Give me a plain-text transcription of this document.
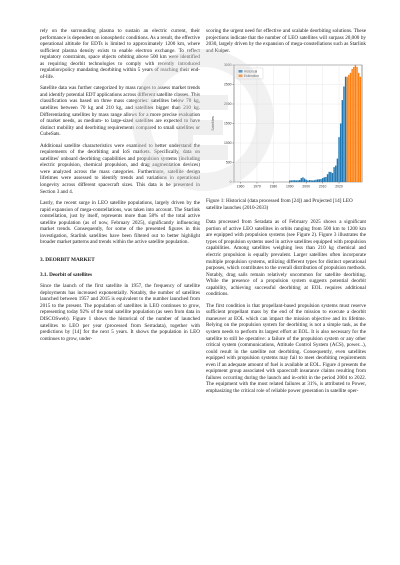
rely on the surrounding plasma to sustain an electric current, their performance is dependent on ionospheric conditions. As a result, the effective operational altitude for EDTs is limited to approximately 1200 km, where sufficient plasma density exists to enable electron exchange. To reflect regulatory constraints, space objects orbiting above 500 km were identified as requiring deorbit technologies to comply with recently introduced regulation/policy mandating deorbiting within 5 years of reaching their end-of-life.

Satellite data was further categorized by mass ranges to assess market trends and identify potential EDT applications across different satellite classes. This classification was based on three mass categories: satellites below 70 kg, satellites between 70 kg and 210 kg, and satellites bigger than 210 kg. Differentiating satellites by mass range allows for a more precise evaluation of market needs, as medium- to large-sized satellites are expected to have distinct mobility and deorbiting requirements compared to small satellites or CubeSats.

Additional satellite characteristics were examined to better understand the requirements of the deorbiting and IoS markets. Specifically, data on satellites' onboard deorbiting capabilities and propulsion systems (including electric propulsion, chemical propulsion, and drag augmentation devices) were analyzed across the mass categories. Furthermore, satellite design lifetimes were assessed to identify trends and variations in operational longevity across different spacecraft sizes. This data is be presented in Section 3 and 4.

Lastly, the recent surge in LEO satellite populations, largely driven by the rapid expansion of mega-constellations, was taken into account. The Starlink constellation, just by itself, represents more than 58% of the total active satellite population (as of now, February 2025), significantly influencing market trends. Consequently, for some of the presented figures in this investigation, Starlink satellites have been filtered out to better highlight broader market patterns and trends within the active satellite population.

3. DEORBIT MARKET
3.1. Deorbit of satellites

Since the launch of the first satellite in 1957, the frequency of satellite deployments has increased exponentially. Notably, the number of satellites launched between 1957 and 2015 is equivalent to the number launched from 2015 to the present. The population of satellites in LEO continues to grow, representing today 92% of the total satellite population (as seen from data in DISCOSweb). Figure 1 shows the historical of the number of launched satellites to LEO per year (processed from Serradata), together with predictions by [14] for the next 5 years. It shows the population in LEO continues to grow, under-

scoring the urgent need for effective and scalable deorbiting solutions. These projections indicate that the number of LEO satellites will surpass 20,000 by 2030, largely driven by the expansion of mega-constellations such as Starlink and Kuiper.

0
500
1000
1500
2000
2500
3000
1960	1970	1980	1990	2000	2010	2020
Satellites
Historical
Estimation

Figure 1: Historical (data processed from [24]) and Projected [14] LEO satellite launches (2010-2033)

Data processed from Seradata as of February 2025 shows a significant portion of active LEO satellites in orbits ranging from 500 km to 1200 km are equipped with propulsion systems (see Figure 2). Figure 3 illustrates the types of propulsion systems used in active satellites equipped with propulsion capabilities. Among satellites weighing less than 210 kg chemical and electric propulsion is equally prevalent. Larger satellites often incorporate multiple propulsion systems, utilizing different types for distinct operational purposes, which contributes to the overall distribution of propulsion methods. Notably, drag sails remain relatively uncommon for satellite deorbiting. While the presence of a propulsion system suggests potential deorbit capability, achieving successful deorbiting at EOL requires additional conditions.

The first condition is that propellant-based propulsion systems must reserve sufficient propellant mass by the end of the mission to execute a deorbit maneuver at EOL which can impact the mission objective and its lifetime. Relying on the propulsion system for deorbiting is not a simple task, as the system needs to perform its largest effort at EOL. It is also necessary for the satellite to still be operative: a failure of the propulsion system or any other critical system (communications, Attitude Control System (ACS), power...), could result in the satellite not deorbiting. Consequently, even satellites equipped with propulsion systems may fail to meet deorbiting requirements even if an adequate amount of fuel is available at EOL. Figure 4 presents the equipment group associated with spacecraft insurance claims resulting from failures occurring during the launch and in-orbit in the period 2004 to 2022. The equipment with the most related failures at 31%, is attributed to Power, emphasizing the critical role of reliable power generation in satellite oper-
